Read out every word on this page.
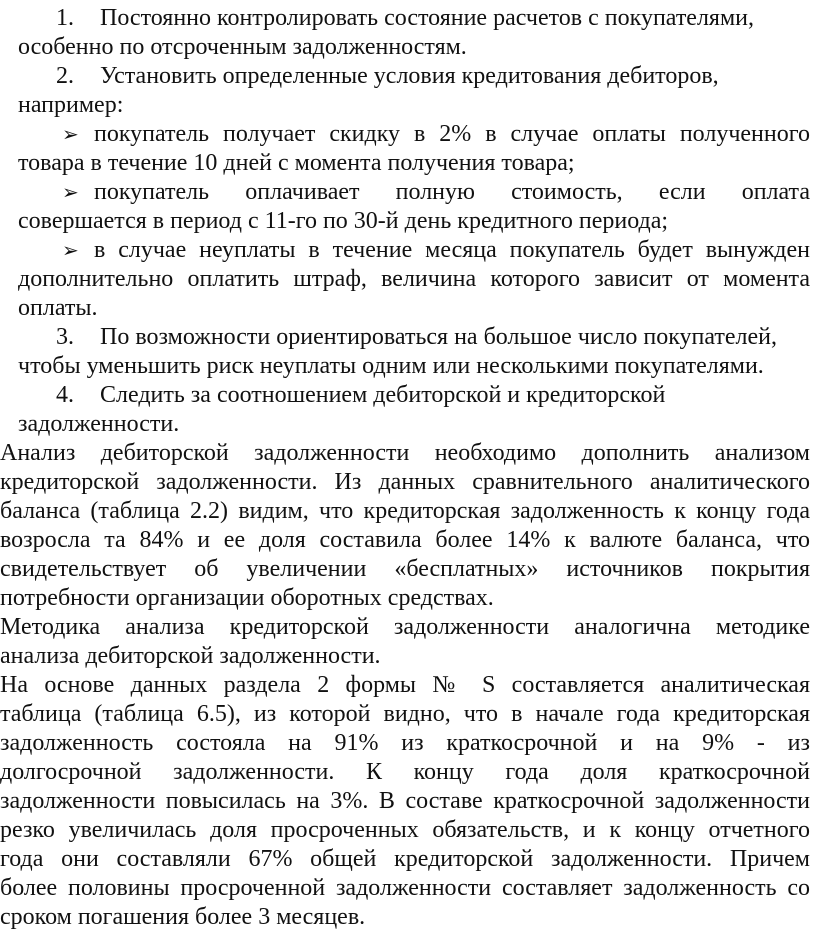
1. Постоянно контролировать состояние расчетов с покупателями,
особенно по отсроченным задолженностям.
2. Установить определенные условия кредитования дебиторов,
например:
➢ покупатель получает скидку в 2% в случае оплаты полученного
товара в течение 10 дней с момента получения товара;
➢ покупатель оплачивает полную стоимость, если оплата
совершается в период с 11-го по 30-й день кредитного периода;
➢ в случае неуплаты в течение месяца покупатель будет вынужден
дополнительно оплатить штраф, величина которого зависит от момента
оплаты.
3. По возможности ориентироваться на большое число покупателей,
чтобы уменьшить риск неуплаты одним или несколькими покупателями.
4. Следить за соотношением дебиторской и кредиторской
задолженности.
Анализ дебиторской задолженности необходимо дополнить анализом
кредиторской задолженности. Из данных сравнительного аналитического
баланса (таблица 2.2) видим, что кредиторская задолженность к концу года
возросла та 84% и ее доля составила более 14% к валюте баланса, что
свидетельствует об увеличении «бесплатных» источников покрытия
потребности организации оборотных средствах.
Методика анализа кредиторской задолженности аналогична методике
анализа дебиторской задолженности.
На основе данных раздела 2 формы № S составляется аналитическая
таблица (таблица 6.5), из которой видно, что в начале года кредиторская
задолженность состояла на 91% из краткосрочной и на 9% - из
долгосрочной задолженности. К концу года доля краткосрочной
задолженности повысилась на 3%. В составе краткосрочной задолженности
резко увеличилась доля просроченных обязательств, и к концу отчетного
года они составляли 67% общей кредиторской задолженности. Причем
более половины просроченной задолженности составляет задолженность со
сроком погашения более 3 месяцев.
